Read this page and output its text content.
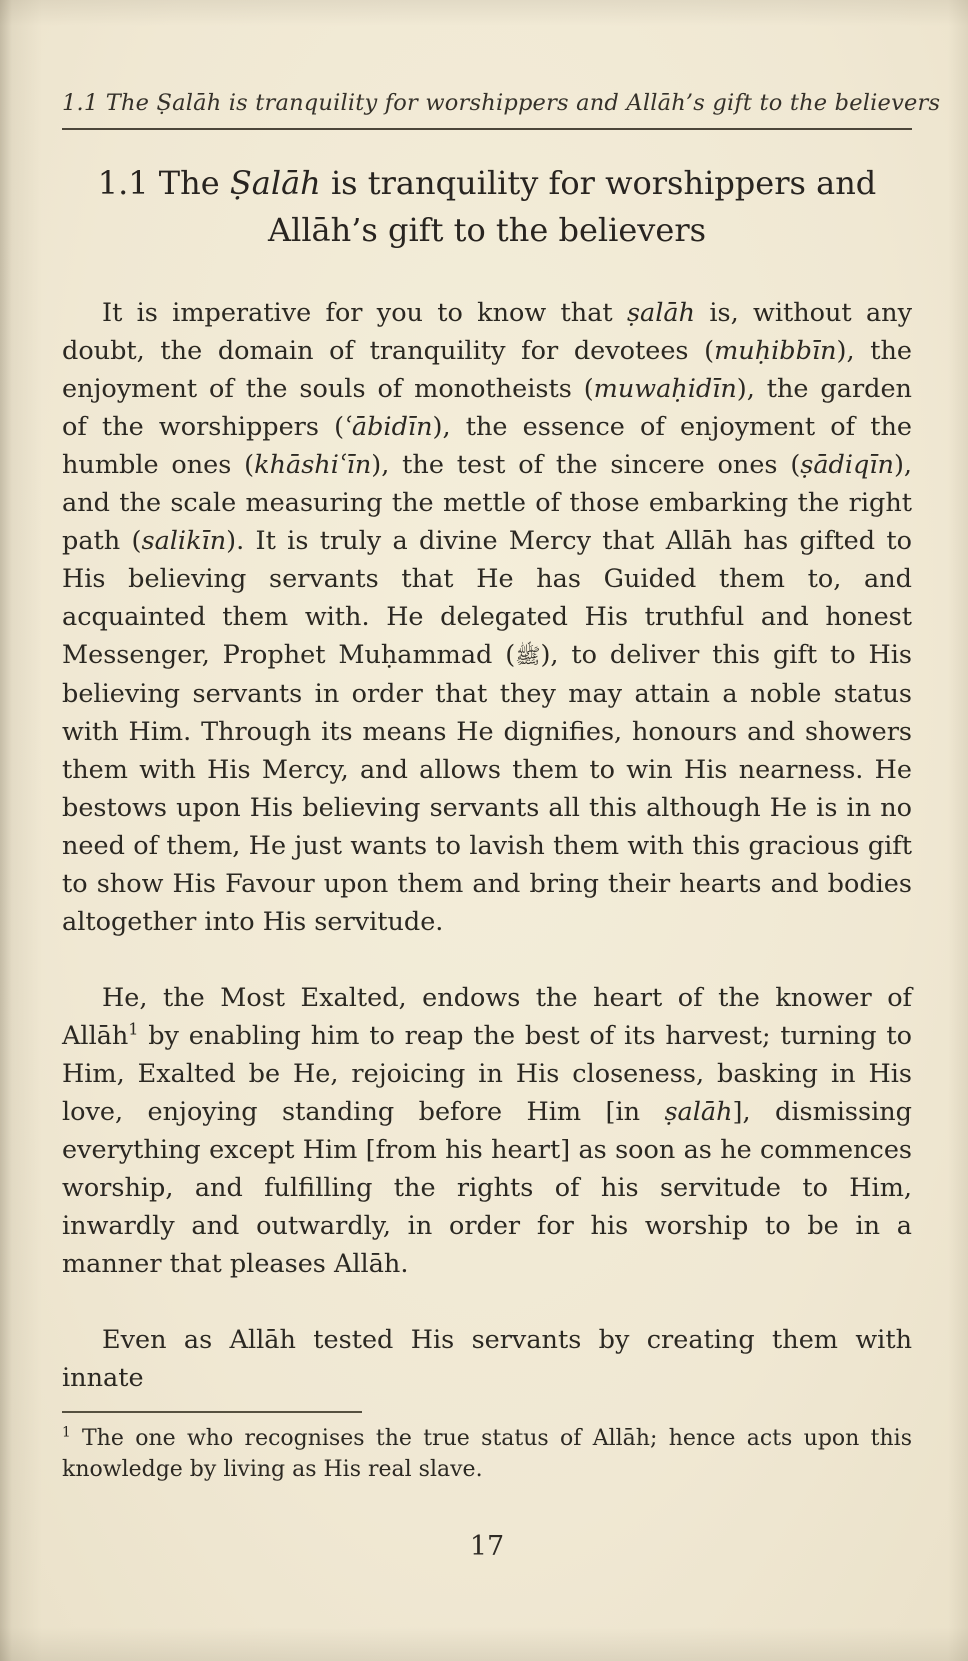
1.1 The Ṣalāh is tranquility for worshippers and Allāh’s gift to the believers
1.1 The Ṣalāh is tranquility for worshippers and Allāh’s gift to the believers

It is imperative for you to know that ṣalāh is, without any doubt, the domain of tranquility for devotees (muḥibbīn), the enjoyment of the souls of monotheists (muwaḥidīn), the garden of the worshippers (ʿābidīn), the essence of enjoyment of the humble ones (khāshiʿīn), the test of the sincere ones (ṣādiqīn), and the scale measuring the mettle of those embarking the right path (salikīn). It is truly a divine Mercy that Allāh has gifted to His believing servants that He has Guided them to, and acquainted them with. He delegated His truthful and honest Messenger, Prophet Muḥammad (ﷺ), to deliver this gift to His believing servants in order that they may attain a noble status with Him. Through its means He dignifies, honours and showers them with His Mercy, and allows them to win His nearness. He bestows upon His believing servants all this although He is in no need of them, He just wants to lavish them with this gracious gift to show His Favour upon them and bring their hearts and bodies altogether into His servitude.

He, the Most Exalted, endows the heart of the knower of Allāh$^1$ by enabling him to reap the best of its harvest; turning to Him, Exalted be He, rejoicing in His closeness, basking in His love, enjoying standing before Him [in ṣalāh], dismissing everything except Him [from his heart] as soon as he commences worship, and fulfilling the rights of his servitude to Him, inwardly and outwardly, in order for his worship to be in a manner that pleases Allāh.

Even as Allāh tested His servants by creating them with innate

$^1$ The one who recognises the true status of Allāh; hence acts upon this knowledge by living as His real slave.

17
